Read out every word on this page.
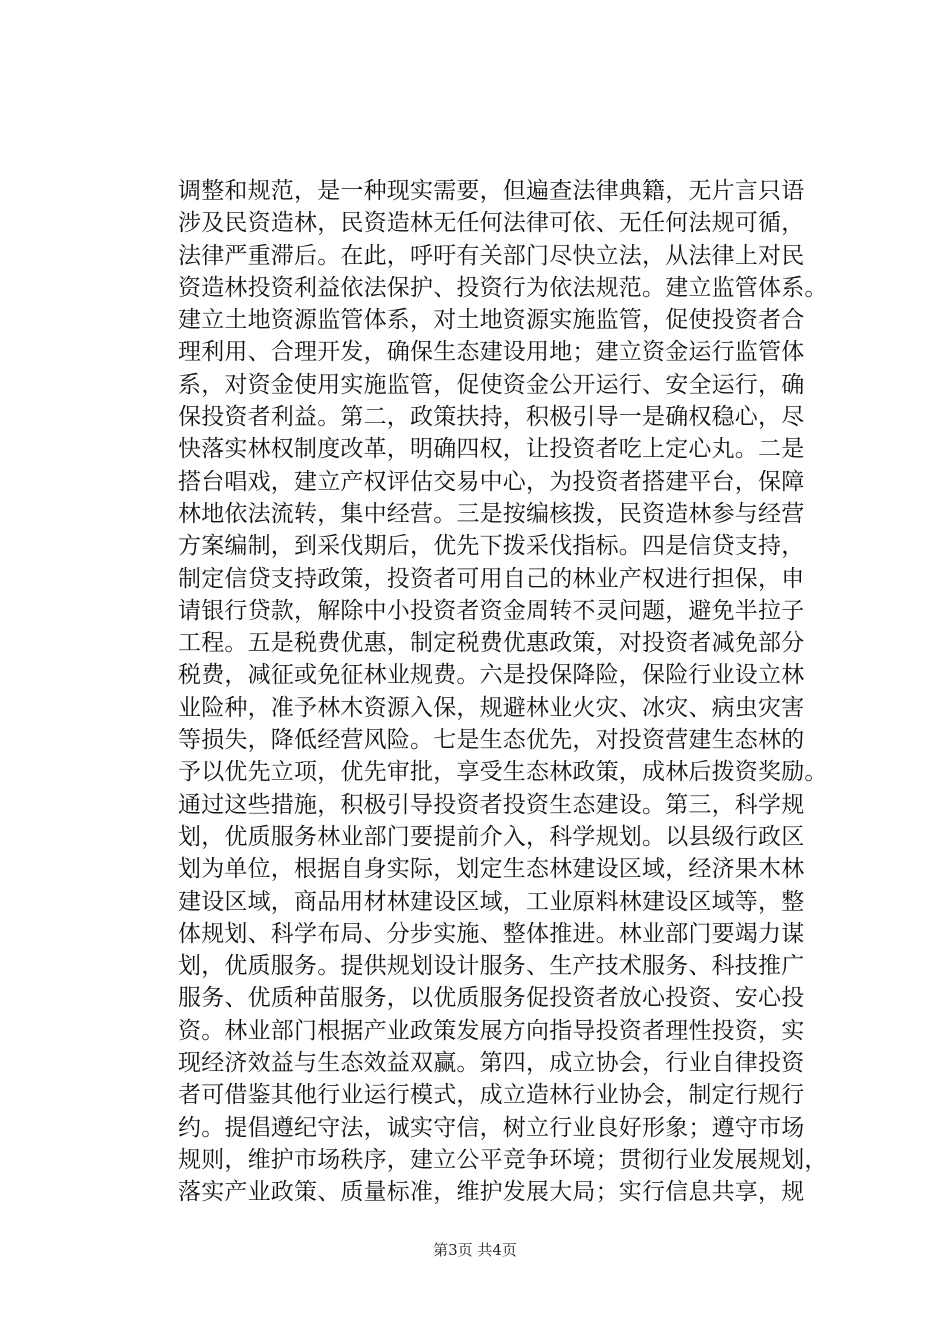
调整和规范，是一种现实需要，但遍查法律典籍，无片言只语
涉及民资造林，民资造林无任何法律可依、无任何法规可循，
法律严重滞后。在此，呼吁有关部门尽快立法，从法律上对民
资造林投资利益依法保护、投资行为依法规范。建立监管体系。
建立土地资源监管体系，对土地资源实施监管，促使投资者合
理利用、合理开发，确保生态建设用地；建立资金运行监管体
系，对资金使用实施监管，促使资金公开运行、安全运行，确
保投资者利益。第二，政策扶持，积极引导一是确权稳心，尽
快落实林权制度改革，明确四权，让投资者吃上定心丸。二是
搭台唱戏，建立产权评估交易中心，为投资者搭建平台，保障
林地依法流转，集中经营。三是按编核拨，民资造林参与经营
方案编制，到采伐期后，优先下拨采伐指标。四是信贷支持，
制定信贷支持政策，投资者可用自己的林业产权进行担保，申
请银行贷款，解除中小投资者资金周转不灵问题，避免半拉子
工程。五是税费优惠，制定税费优惠政策，对投资者减免部分
税费，减征或免征林业规费。六是投保降险，保险行业设立林
业险种，准予林木资源入保，规避林业火灾、冰灾、病虫灾害
等损失，降低经营风险。七是生态优先，对投资营建生态林的
予以优先立项，优先审批，享受生态林政策，成林后拨资奖励。
通过这些措施，积极引导投资者投资生态建设。第三，科学规
划，优质服务林业部门要提前介入，科学规划。以县级行政区
划为单位，根据自身实际，划定生态林建设区域，经济果木林
建设区域，商品用材林建设区域，工业原料林建设区域等，整
体规划、科学布局、分步实施、整体推进。林业部门要竭力谋
划，优质服务。提供规划设计服务、生产技术服务、科技推广
服务、优质种苗服务，以优质服务促投资者放心投资、安心投
资。林业部门根据产业政策发展方向指导投资者理性投资，实
现经济效益与生态效益双赢。第四，成立协会，行业自律投资
者可借鉴其他行业运行模式，成立造林行业协会，制定行规行
约。提倡遵纪守法，诚实守信，树立行业良好形象；遵守市场
规则，维护市场秩序，建立公平竞争环境；贯彻行业发展规划，
落实产业政策、质量标准，维护发展大局；实行信息共享，规
第3页 共4页
